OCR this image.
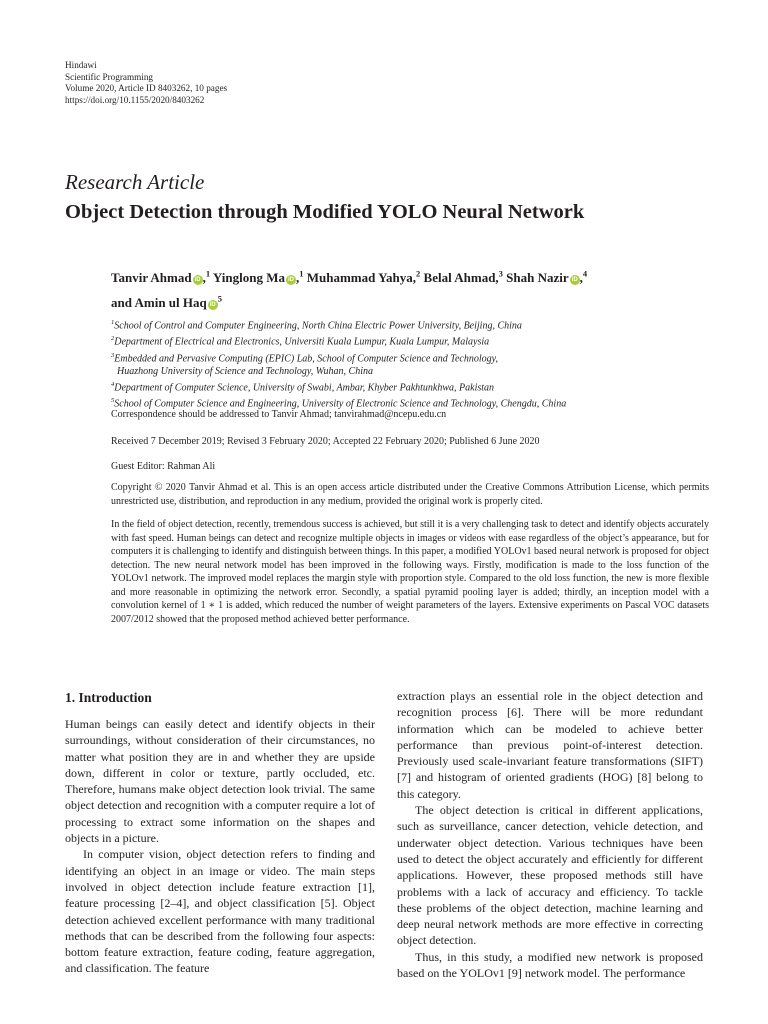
Hindawi
Scientific Programming
Volume 2020, Article ID 8403262, 10 pages
https://doi.org/10.1155/2020/8403262
Research Article
Object Detection through Modified YOLO Neural Network
Tanvir Ahmad iD ,$^1$ Yinglong Ma iD ,$^1$ Muhammad Yahya,$^2$ Belal Ahmad,$^3$ Shah Nazir iD ,$^4$
and Amin ul Haq $iD^5$
$^1$School of Control and Computer Engineering, North China Electric Power University, Beijing, China
$^2$Department of Electrical and Electronics, Universiti Kuala Lumpur, Kuala Lumpur, Malaysia
$^3$Embedded and Pervasive Computing (EPIC) Lab, School of Computer Science and Technology,
Huazhong University of Science and Technology, Wuhan, China
$^4$Department of Computer Science, University of Swabi, Ambar, Khyber Pakhtunkhwa, Pakistan
$^5$School of Computer Science and Engineering, University of Electronic Science and Technology, Chengdu, China
Correspondence should be addressed to Tanvir Ahmad; tanvirahmad@ncepu.edu.cn
Received 7 December 2019; Revised 3 February 2020; Accepted 22 February 2020; Published 6 June 2020
Guest Editor: Rahman Ali
Copyright © 2020 Tanvir Ahmad et al. This is an open access article distributed under the Creative Commons Attribution License, which permits unrestricted use, distribution, and reproduction in any medium, provided the original work is properly cited.
In the field of object detection, recently, tremendous success is achieved, but still it is a very challenging task to detect and identify objects accurately with fast speed. Human beings can detect and recognize multiple objects in images or videos with ease regardless of the object’s appearance, but for computers it is challenging to identify and distinguish between things. In this paper, a modified YOLOv1 based neural network is proposed for object detection. The new neural network model has been improved in the following ways. Firstly, modification is made to the loss function of the YOLOv1 network. The improved model replaces the margin style with proportion style. Compared to the old loss function, the new is more flexible and more reasonable in optimizing the network error. Secondly, a spatial pyramid pooling layer is added; thirdly, an inception model with a convolution kernel of 1 ∗ 1 is added, which reduced the number of weight parameters of the layers. Extensive experiments on Pascal VOC datasets 2007/2012 showed that the proposed method achieved better performance.
1. Introduction

Human beings can easily detect and identify objects in their surroundings, without consideration of their circumstances, no matter what position they are in and whether they are upside down, different in color or texture, partly occluded, etc. Therefore, humans make object detection look trivial. The same object detection and recognition with a computer require a lot of processing to extract some information on the shapes and objects in a picture.

In computer vision, object detection refers to finding and identifying an object in an image or video. The main steps involved in object detection include feature extraction [1], feature processing [2–4], and object classification [5]. Object detection achieved excellent performance with many traditional methods that can be described from the following four aspects: bottom feature extraction, feature coding, feature aggregation, and classification. The feature

extraction plays an essential role in the object detection and recognition process [6]. There will be more redundant information which can be modeled to achieve better performance than previous point-of-interest detection. Previously used scale-invariant feature transformations (SIFT) [7] and histogram of oriented gradients (HOG) [8] belong to this category.

The object detection is critical in different applications, such as surveillance, cancer detection, vehicle detection, and underwater object detection. Various techniques have been used to detect the object accurately and efficiently for different applications. However, these proposed methods still have problems with a lack of accuracy and efficiency. To tackle these problems of the object detection, machine learning and deep neural network methods are more effective in correcting object detection.

Thus, in this study, a modified new network is proposed based on the YOLOv1 [9] network model. The performance
